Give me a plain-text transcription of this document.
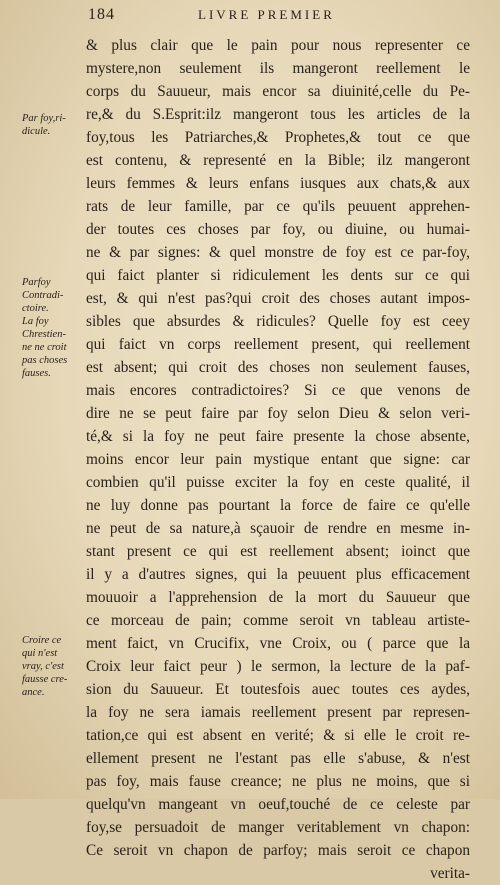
184	LIVRE PREMIER
& plus clair que le pain pour nous representer ce
mystere,non seulement ils mangeront reellement le
corps du Sauueur, mais encor sa diuinité,celle du Pe-
re,& du S.Esprit:ilz mangeront tous les articles de la
foy,tous les Patriarches,& Prophetes,& tout ce que
est contenu, & representé en la Bible; ilz mangeront
leurs femmes & leurs enfans iusques aux chats,& aux
rats de leur famille, par ce qu'ils peuuent apprehen-
der toutes ces choses par foy, ou diuine, ou humai-
ne & par signes: & quel monstre de foy est ce par-foy,
qui faict planter si ridiculement les dents sur ce qui
est, & qui n'est pas?qui croit des choses autant impos-
sibles que absurdes & ridicules? Quelle foy est ceey
qui faict vn corps reellement present, qui reellement
est absent; qui croit des choses non seulement fauses,
mais encores contradictoires? Si ce que venons de
dire ne se peut faire par foy selon Dieu & selon veri-
té,& si la foy ne peut faire presente la chose absente,
moins encor leur pain mystique entant que signe: car
combien qu'il puisse exciter la foy en ceste qualité, il
ne luy donne pas pourtant la force de faire ce qu'elle
ne peut de sa nature,à sçauoir de rendre en mesme in-
stant present ce qui est reellement absent; ioinct que
il y a d'autres signes, qui la peuuent plus efficacement
mouuoir a l'apprehension de la mort du Sauueur que
ce morceau de pain; comme seroit vn tableau artiste-
ment faict, vn Crucifix, vne Croix, ou ( parce que la
Croix leur faict peur ) le sermon, la lecture de la paf-
sion du Sauueur. Et toutesfois auec toutes ces aydes,
la foy ne sera iamais reellement present par represen-
tation,ce qui est absent en verité; & si elle le croit re-
ellement present ne l'estant pas elle s'abuse, & n'est
pas foy, mais fause creance; ne plus ne moins, que si
quelqu'vn mangeant vn oeuf,touché de ce celeste par
foy,se persuadoit de manger veritablement vn chapon:
Ce seroit vn chapon de parfoy; mais seroit ce chapon
verita-
Par foy,ri-
dicule.
Parfoy
Contradi-
ctoire.
La foy
Chrestien-
ne ne croit
pas choses
fauses.
Croire ce
qui n'est
vray, c'est
fausse cre-
ance.
